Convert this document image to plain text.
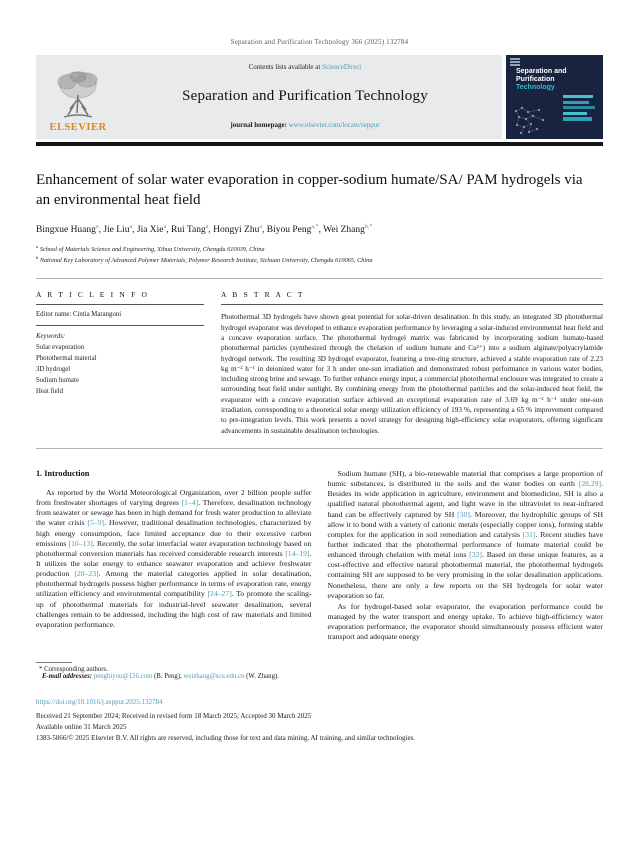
Separation and Purification Technology 366 (2025) 132784
ELSEVIER
Contents lists available at ScienceDirect
Separation and Purification Technology
journal homepage: www.elsevier.com/locate/seppur
Separation and
Purification
Technology
Enhancement of solar water evaporation in copper-sodium humate/SA/ PAM hydrogels via an environmental heat field
Bingxue Huang$^a$, Jie Liu$^a$, Jia Xie$^a$, Rui Tang$^a$, Hongyi Zhu$^a$, Biyou Peng$^{a,*}$, Wei Zhang$^{b,*}$
$^a$ School of Materials Science and Engineering, Xihua University, Chengdu 610039, China
$^b$ National Key Laboratory of Advanced Polymer Materials, Polymer Research Institute, Sichuan University, Chengdu 610065, China
A R T I C L E I N F O
Editor name: Cintia Marangoni
Keywords:
Solar evaporation
Photothermal material
3D hydrogel
Sodium humate
Heat field
A B S T R A C T
Photothermal 3D hydrogels have shown great potential for solar-driven desalination. In this study, an integrated 3D photothermal hydrogel evaporator was developed to enhance evaporation performance by leveraging a solar-induced environmental heat field and a concave evaporation surface. The photothermal hydrogel matrix was fabricated by incorporating sodium humate-based photothermal particles (synthesized through the chelation of sodium humate and Cu²⁺) into a sodium alginate/polyacrylamide hydrogel network. The resulting 3D hydrogel evaporator, featuring a tree-ring structure, achieved a stable evaporation rate of 2.23 kg m⁻² h⁻¹ in deionized water for 3 h under one-sun irradiation and demonstrated robust performance in various water bodies, including strong brine and sewage. To further enhance energy input, a commercial photothermal enclosure was integrated to create a surrounding heat field under sunlight. By combining energy from the photothermal particles and the solar-induced heat field, the evaporator with a concave evaporation surface achieved an exceptional evaporation rate of 3.69 kg m⁻² h⁻¹ under one-sun irradiation, corresponding to a theoretical solar energy utilization efficiency of 193 %, representing a 65 % improvement compared to pre-integration levels. This work presents a novel strategy for designing high-efficiency solar evaporators, offering significant advancements in sustainable desalination technologies.
1. Introduction

As reported by the World Meteorological Organization, over 2 billion people suffer from freshwater shortages of varying degrees [1–4]. Therefore, desalination technology from seawater or sewage has been in high demand for fresh water production to alleviate the water crisis [5–9]. However, traditional desalination technologies, characterized by high energy consumption, face limited acceptance due to their excessive carbon emissions [10–13]. Recently, the solar interfacial water evaporation technology based on photothermal conversion materials has received considerable research interests [14–19]. It utilizes the solar energy to enhance seawater evaporation and achieve freshwater production [20–23]. Among the material categories applied in solar desalination, photothermal hydrogels possess higher performance in terms of evaporation rate, energy utilization efficiency and environmental compatibility [24–27]. To promote the scaling-up of photothermal materials for industrial-level seawater desalination, several challenges remain to be addressed, including the high cost of raw materials and limited evaporation performance.

Sodium humate (SH), a bio-renewable material that comprises a large proportion of humic substances, is distributed in the soils and the water bodies on earth [28,29]. Besides its wide application in agriculture, environment and biomedicine, SH is also a qualified natural photothermal agent, and light wave in the ultraviolet to near-infrared band can be effectively captured by SH [30]. Moreover, the hydrophilic groups of SH allow it to bond with a variety of cationic metals (especially copper ions), forming stable complex for the application in soil remediation and catalysis [31]. Recent studies have further indicated that the photothermal performance of humate material could be enhanced through chelation with metal ions [32]. Based on these unique features, as a cost-effective and effective natural photothermal material, the photothermal hydrogels containing SH are supposed to be very promising in the solar desalination applications. Nonetheless, there are only a few reports on the SH hydrogels for solar water evaporation so far.

As for hydrogel-based solar evaporator, the evaporation performance could be managed by the water transport and energy uptake. To achieve high-efficiency water evaporation performance, the evaporator should simultaneously possess efficient water transport and adequate energy

* Corresponding authors.
E-mail addresses: pengbiyou@126.com (B. Peng), weizhang@scu.edu.cn (W. Zhang).
https://doi.org/10.1016/j.seppur.2025.132784
Received 21 September 2024; Received in revised form 18 March 2025; Accepted 30 March 2025
Available online 31 March 2025
1383-5866/© 2025 Elsevier B.V. All rights are reserved, including those for text and data mining, AI training, and similar technologies.
